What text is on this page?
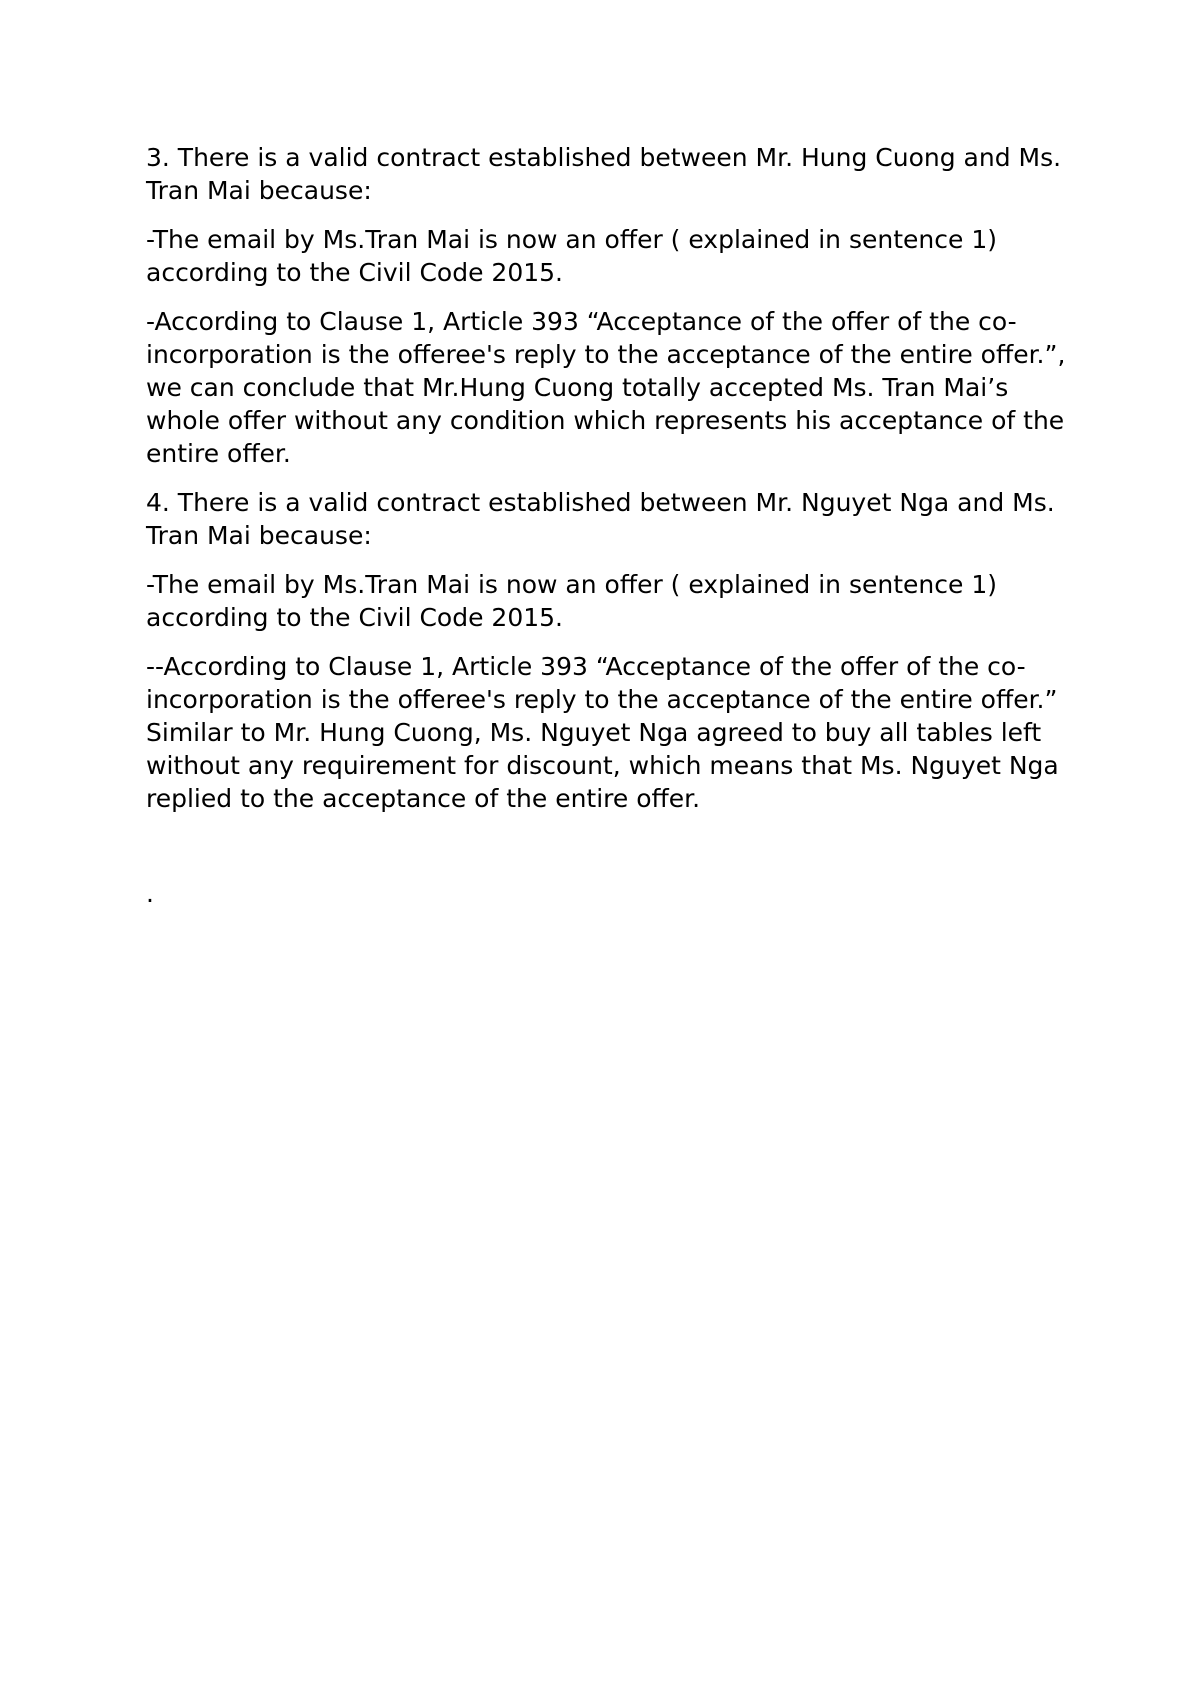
3. There is a valid contract established between Mr. Hung Cuong and Ms. Tran Mai because:

-The email by Ms.Tran Mai is now an offer ( explained in sentence 1) according to the Civil Code 2015.

-According to Clause 1, Article 393 “Acceptance of the offer of the co-incorporation is the offeree's reply to the acceptance of the entire offer.”, we can conclude that Mr.Hung Cuong totally accepted Ms. Tran Mai’s whole offer without any condition which represents his acceptance of the entire offer.

4. There is a valid contract established between Mr. Nguyet Nga and Ms. Tran Mai because:

-The email by Ms.Tran Mai is now an offer ( explained in sentence 1) according to the Civil Code 2015.

--According to Clause 1, Article 393 “Acceptance of the offer of the co-incorporation is the offeree's reply to the acceptance of the entire offer.” Similar to Mr. Hung Cuong, Ms. Nguyet Nga agreed to buy all tables left without any requirement for discount, which means that Ms. Nguyet Nga replied to the acceptance of the entire offer.

.
